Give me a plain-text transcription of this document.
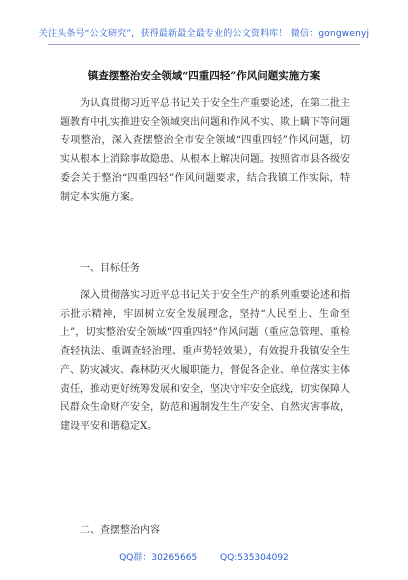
关注头条号“公文研究”，获得最新最全最专业的公文资料库！ 微信：gongwenyj
镇查摆整治安全领域“四重四轻”作风问题实施方案

为认真贯彻习近平总书记关于安全生产重要论述，在第二批主题教育中扎实推进安全领域突出问题和作风不实、欺上瞒下等问题专项整治，深入查摆整治全市安全领域“四重四轻”作风问题，切实从根本上消除事故隐患、从根本上解决问题。按照省市县各级安委会关于整治“四重四轻”作风问题要求，结合我镇工作实际，特制定本实施方案。

一、目标任务

深入贯彻落实习近平总书记关于安全生产的系列重要论述和指示批示精神，牢固树立安全发展理念，坚持“人民至上、生命至上”，切实整治安全领域“四重四轻”作风问题（重应急管理、重检查轻执法、重调查轻治理、重声势轻效果），有效提升我镇安全生产、防灾减灾、森林防灭火履职能力，督促各企业、单位落实主体责任，推动更好统筹发展和安全，坚决守牢安全底线，切实保障人民群众生命财产安全，防范和遏制发生生产安全、自然灾害事故，建设平安和谐稳定X。

二、查摆整治内容
QQ群：30265665	QQ:535304092
